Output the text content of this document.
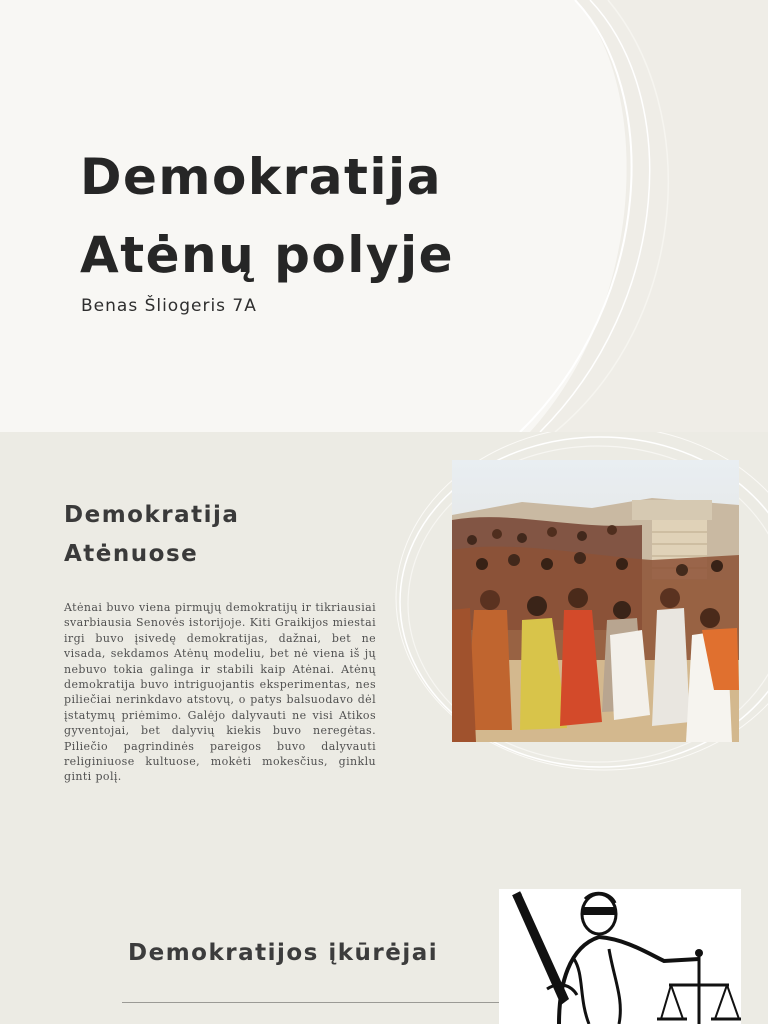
Demokratija
Atėnų polyje
Benas Šliogeris 7A
Demokratija
Atėnuose

Atėnai buvo viena pirmųjų demokratijų ir tikriausiai svarbiausia Senovės istorijoje. Kiti Graikijos miestai irgi buvo įsivedę demokratijas, dažnai, bet ne visada, sekdamos Atėnų modeliu, bet nė viena iš jų nebuvo tokia galinga ir stabili kaip Atėnai. Atėnų demokratija buvo intriguojantis eksperimentas, nes piliečiai nerinkdavo atstovų, o patys balsuodavo dėl įstatymų priėmimo. Galėjo dalyvauti ne visi Atikos gyventojai, bet dalyvių kiekis buvo neregėtas. Piliečio pagrindinės pareigos buvo dalyvauti religiniuose kultuose, mokėti mokesčius, ginklu ginti polį.

Demokratijos įkūrėjai
